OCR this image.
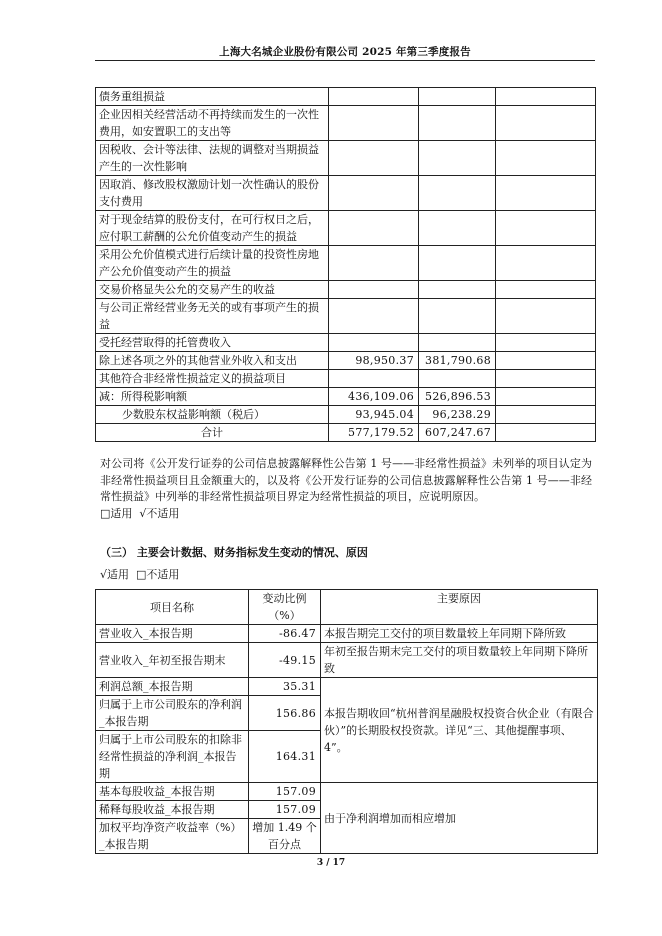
上海大名城企业股份有限公司 2025 年第三季度报告
债务重组损益			
企业因相关经营活动不再持续而发生的一次性费用，如安置职工的支出等			
因税收、会计等法律、法规的调整对当期损益产生的一次性影响			
因取消、修改股权激励计划一次性确认的股份支付费用			
对于现金结算的股份支付，在可行权日之后，应付职工薪酬的公允价值变动产生的损益			
采用公允价值模式进行后续计量的投资性房地产公允价值变动产生的损益			
交易价格显失公允的交易产生的收益			
与公司正常经营业务无关的或有事项产生的损益			
受托经营取得的托管费收入			
除上述各项之外的其他营业外收入和支出	98,950.37	381,790.68	
其他符合非经常性损益定义的损益项目			
减：所得税影响额	436,109.06	526,896.53	
少数股东权益影响额（税后）	93,945.04	96,238.29	
合计	577,179.52	607,247.67	
对公司将《公开发行证券的公司信息披露解释性公告第 1 号——非经常性损益》未列举的项目认定为非经常性损益项目且金额重大的，以及将《公开发行证券的公司信息披露解释性公告第 1 号——非经常性损益》中列举的非经常性损益项目界定为经常性损益的项目，应说明原因。
□适用 √不适用
（三） 主要会计数据、财务指标发生变动的情况、原因
√适用 □不适用
项目名称	变动比例（%）	主要原因
营业收入_本报告期	-86.47	本报告期完工交付的项目数量较上年同期下降所致
营业收入_年初至报告期末	-49.15	年初至报告期末完工交付的项目数量较上年同期下降所致
利润总额_本报告期	35.31	本报告期收回“杭州普润星融股权投资合伙企业（有限合伙）”的长期股权投资款。详见“三、其他提醒事项、4”。
归属于上市公司股东的净利润_本报告期	156.86	
归属于上市公司股东的扣除非经常性损益的净利润_本报告期	164.31	
基本每股收益_本报告期	157.09	由于净利润增加而相应增加
稀释每股收益_本报告期	157.09	
加权平均净资产收益率（%）_本报告期	增加 1.49 个百分点	
3 / 17
